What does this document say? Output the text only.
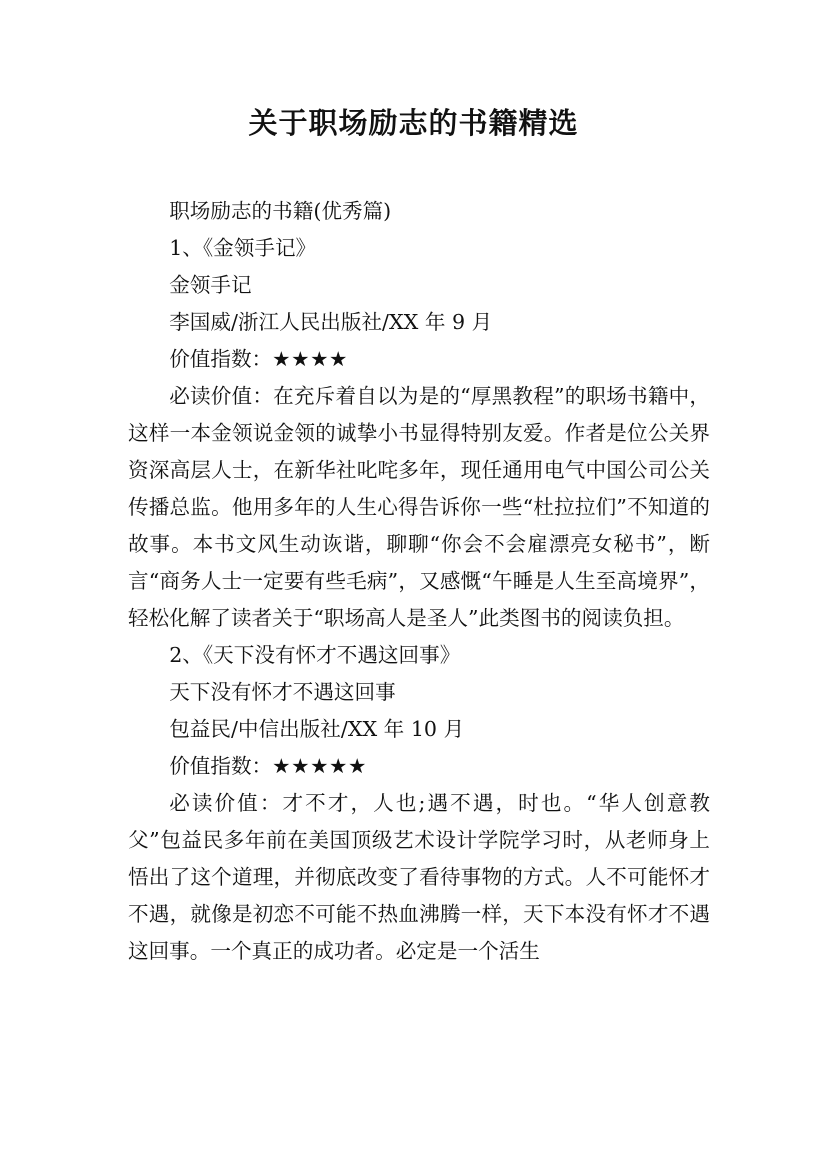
关于职场励志的书籍精选

职场励志的书籍(优秀篇)

1、《金领手记》

金领手记

李国威/浙江人民出版社/XX 年 9 月

价值指数：★★★★

必读价值：在充斥着自以为是的“厚黑教程”的职场书籍中，这样一本金领说金领的诚挚小书显得特别友爱。作者是位公关界资深高层人士，在新华社叱咤多年，现任通用电气中国公司公关传播总监。他用多年的人生心得告诉你一些“杜拉拉们”不知道的故事。本书文风生动诙谐，聊聊“你会不会雇漂亮女秘书”，断言“商务人士一定要有些毛病”，又感慨“午睡是人生至高境界”，轻松化解了读者关于“职场高人是圣人”此类图书的阅读负担。

2、《天下没有怀才不遇这回事》

天下没有怀才不遇这回事

包益民/中信出版社/XX 年 10 月

价值指数：★★★★★

必读价值：才不才，人也;遇不遇，时也。“华人创意教父”包益民多年前在美国顶级艺术设计学院学习时，从老师身上悟出了这个道理，并彻底改变了看待事物的方式。人不可能怀才不遇，就像是初恋不可能不热血沸腾一样，天下本没有怀才不遇这回事。一个真正的成功者。必定是一个活生
